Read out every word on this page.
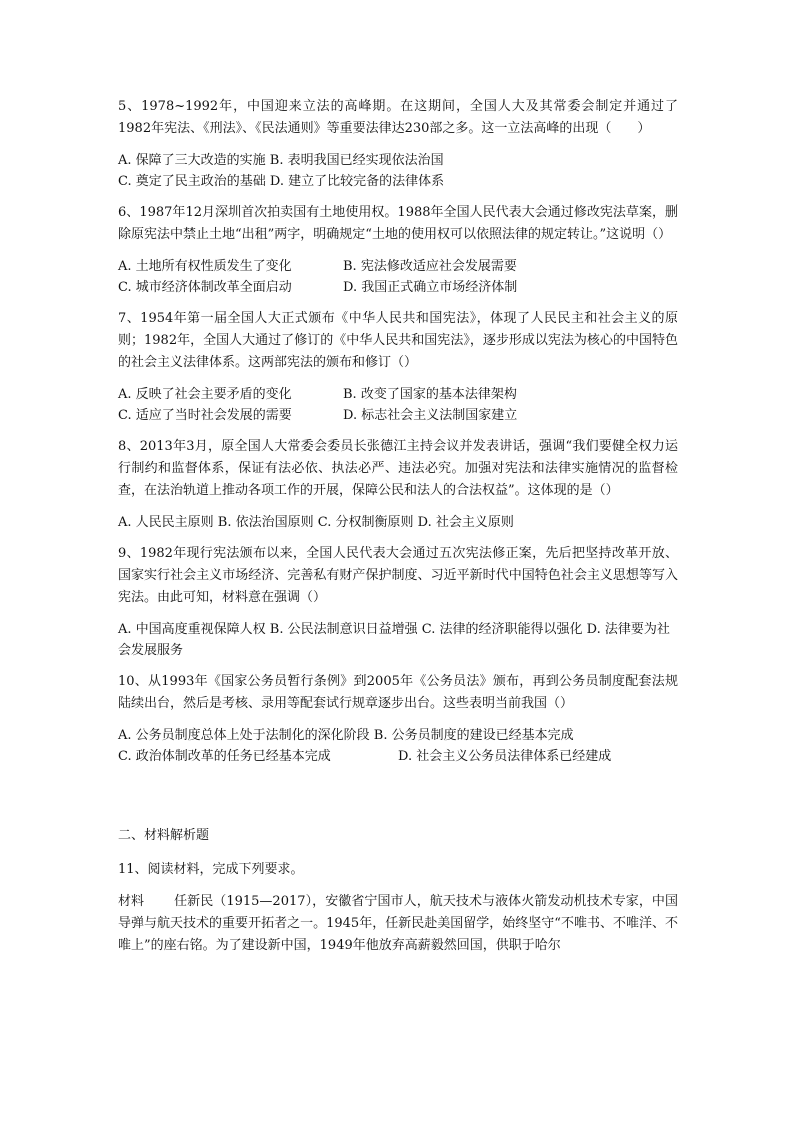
5、1978~1992年，中国迎来立法的高峰期。在这期间，全国人大及其常委会制定并通过了1982年宪法、《刑法》、《民法通则》等重要法律达230部之多。这一立法高峰的出现（　　）
A. 保障了三大改造的实施 B. 表明我国已经实现依法治国
C. 奠定了民主政治的基础 D. 建立了比较完备的法律体系
6、1987年12月深圳首次拍卖国有土地使用权。1988年全国人民代表大会通过修改宪法草案，删除原宪法中禁止土地“出租”两字，明确规定“土地的使用权可以依照法律的规定转让。”这说明（）
A. 土地所有权性质发生了变化	B. 宪法修改适应社会发展需要
C. 城市经济体制改革全面启动	D. 我国正式确立市场经济体制
7、1954年第一届全国人大正式颁布《中华人民共和国宪法》，体现了人民民主和社会主义的原则；1982年，全国人大通过了修订的《中华人民共和国宪法》，逐步形成以宪法为核心的中国特色的社会主义法律体系。这两部宪法的颁布和修订（）
A. 反映了社会主要矛盾的变化	B. 改变了国家的基本法律架构
C. 适应了当时社会发展的需要	D. 标志社会主义法制国家建立
8、2013年3月，原全国人大常委会委员长张德江主持会议并发表讲话，强调“我们要健全权力运行制约和监督体系，保证有法必依、执法必严、违法必究。加强对宪法和法律实施情况的监督检查，在法治轨道上推动各项工作的开展，保障公民和法人的合法权益”。这体现的是（）
A. 人民民主原则 B. 依法治国原则 C. 分权制衡原则 D. 社会主义原则
9、1982年现行宪法颁布以来，全国人民代表大会通过五次宪法修正案，先后把坚持改革开放、国家实行社会主义市场经济、完善私有财产保护制度、习近平新时代中国特色社会主义思想等写入宪法。由此可知，材料意在强调（）
A. 中国高度重视保障人权 B. 公民法制意识日益增强 C. 法律的经济职能得以强化 D. 法律要为社会发展服务
10、从1993年《国家公务员暂行条例》到2005年《公务员法》颁布，再到公务员制度配套法规陆续出台，然后是考核、录用等配套试行规章逐步出台。这些表明当前我国（）
A. 公务员制度总体上处于法制化的深化阶段 B. 公务员制度的建设已经基本完成
C. 政治体制改革的任务已经基本完成	D. 社会主义公务员法律体系已经建成
二、材料解析题
11、阅读材料，完成下列要求。
材料 任新民（1915—2017），安徽省宁国市人，航天技术与液体火箭发动机技术专家，中国导弹与航天技术的重要开拓者之一。1945年，任新民赴美国留学，始终坚守“不唯书、不唯洋、不唯上”的座右铭。为了建设新中国，1949年他放弃高薪毅然回国，供职于哈尔
